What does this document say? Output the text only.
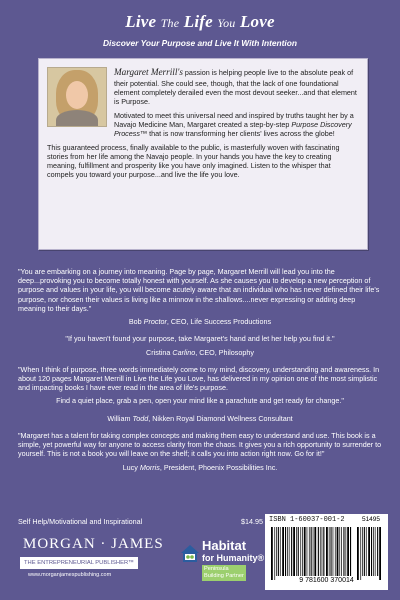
Live The Life You Love
Discover Your Purpose and Live It With Intention

Margaret Merrill's passion is helping people live to the absolute peak of their potential. She could see, though, that the lack of one foundational element completely derailed even the most devout seeker...and that element is Purpose.

Motivated to meet this universal need and inspired by truths taught her by a Navajo Medicine Man, Margaret created a step-by-step Purpose Discovery Process™ that is now transforming her clients' lives across the globe!

This guaranteed process, finally available to the public, is masterfully woven with fascinating stories from her life among the Navajo people. In your hands you have the key to creating meaning, fulfillment and prosperity like you have only imagined. Listen to the whisper that compels you toward your purpose...and live the life you love.

"You are embarking on a journey into meaning. Page by page, Margaret Merrill will lead you into the deep...provoking you to become totally honest with yourself. As she causes you to develop a new perception of purpose and values in your life, you will become acutely aware that an individual who has never defined their life's purpose, nor chosen their values is living like a minnow in the shallows....never expressing or adding deep meaning to their days."

Bob Proctor, CEO, Life Success Productions

"If you haven't found your purpose, take Margaret's hand and let her help you find it."

Cristina Carlino, CEO, Philosophy

"When I think of purpose, three words immediately come to my mind, discovery, understanding and awareness. In about 120 pages Margaret Merrill in Live the Life you Love, has delivered in my opinion one of the most simplistic and impacting books I have ever read in the area of life's purpose.

Find a quiet place, grab a pen, open your mind like a parachute and get ready for change."

William Todd, Nikken Royal Diamond Wellness Consultant

"Margaret has a talent for taking complex concepts and making them easy to understand and use. This book is a simple, yet powerful way for anyone to access clarity from the chaos. It gives you a rich opportunity to surrender to yourself. This is not a book you will leave on the shelf; it calls you into action right now. Go for it!"

Lucy Morris, President, Phoenix Possibilities Inc.

Self Help/Motivational and Inspirational	$14.95
MORGAN · JAMES
THE ENTREPRENEURIAL PUBLISHER™
www.morganjamespublishing.com
Habitat
for Humanity®
Peninsula
Building Partner
ISBN 1-60037-001-2	51495
9 781600 370014
